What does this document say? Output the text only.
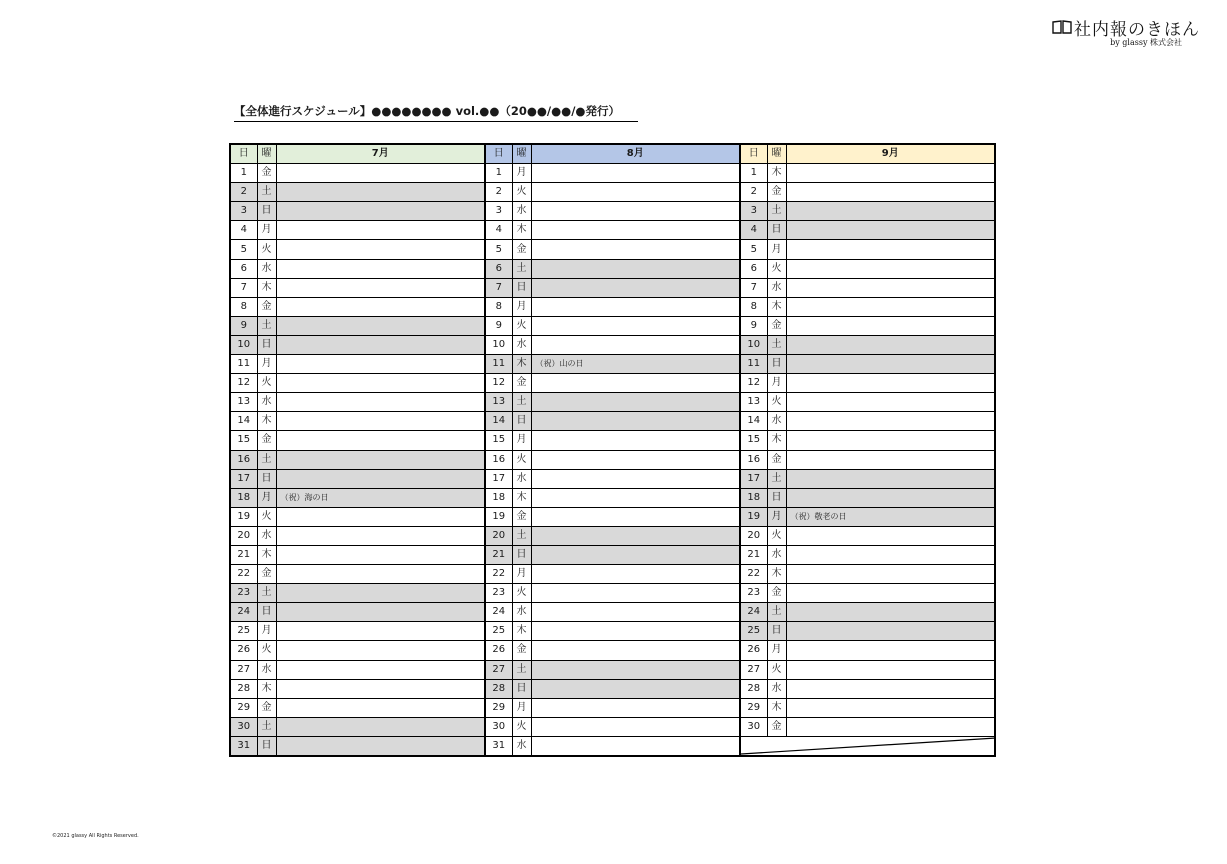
社内報のきほん
by glassy 株式会社
【全体進行スケジュール】●●●●●●●● vol.●●（20●●/●●/●発行）
日	曜	7月	日	曜	8月	日	曜	9月
1	金		1	月		1	木	
2	土		2	火		2	金	
3	日		3	水		3	土	
4	月		4	木		4	日	
5	火		5	金		5	月	
6	水		6	土		6	火	
7	木		7	日		7	水	
8	金		8	月		8	木	
9	土		9	火		9	金	
10	日		10	水		10	土	
11	月		11	木	（祝）山の日	11	日	
12	火		12	金		12	月	
13	水		13	土		13	火	
14	木		14	日		14	水	
15	金		15	月		15	木	
16	土		16	火		16	金	
17	日		17	水		17	土	
18	月	（祝）海の日	18	木		18	日	
19	火		19	金		19	月	（祝）敬老の日
20	水		20	土		20	火	
21	木		21	日		21	水	
22	金		22	月		22	木	
23	土		23	火		23	金	
24	日		24	水		24	土	
25	月		25	木		25	日	
26	火		26	金		26	月	
27	水		27	土		27	火	
28	木		28	日		28	水	
29	金		29	月		29	木	
30	土		30	火		30	金	
31	日		31	水		
©2021 glassy All Rights Reserved.
